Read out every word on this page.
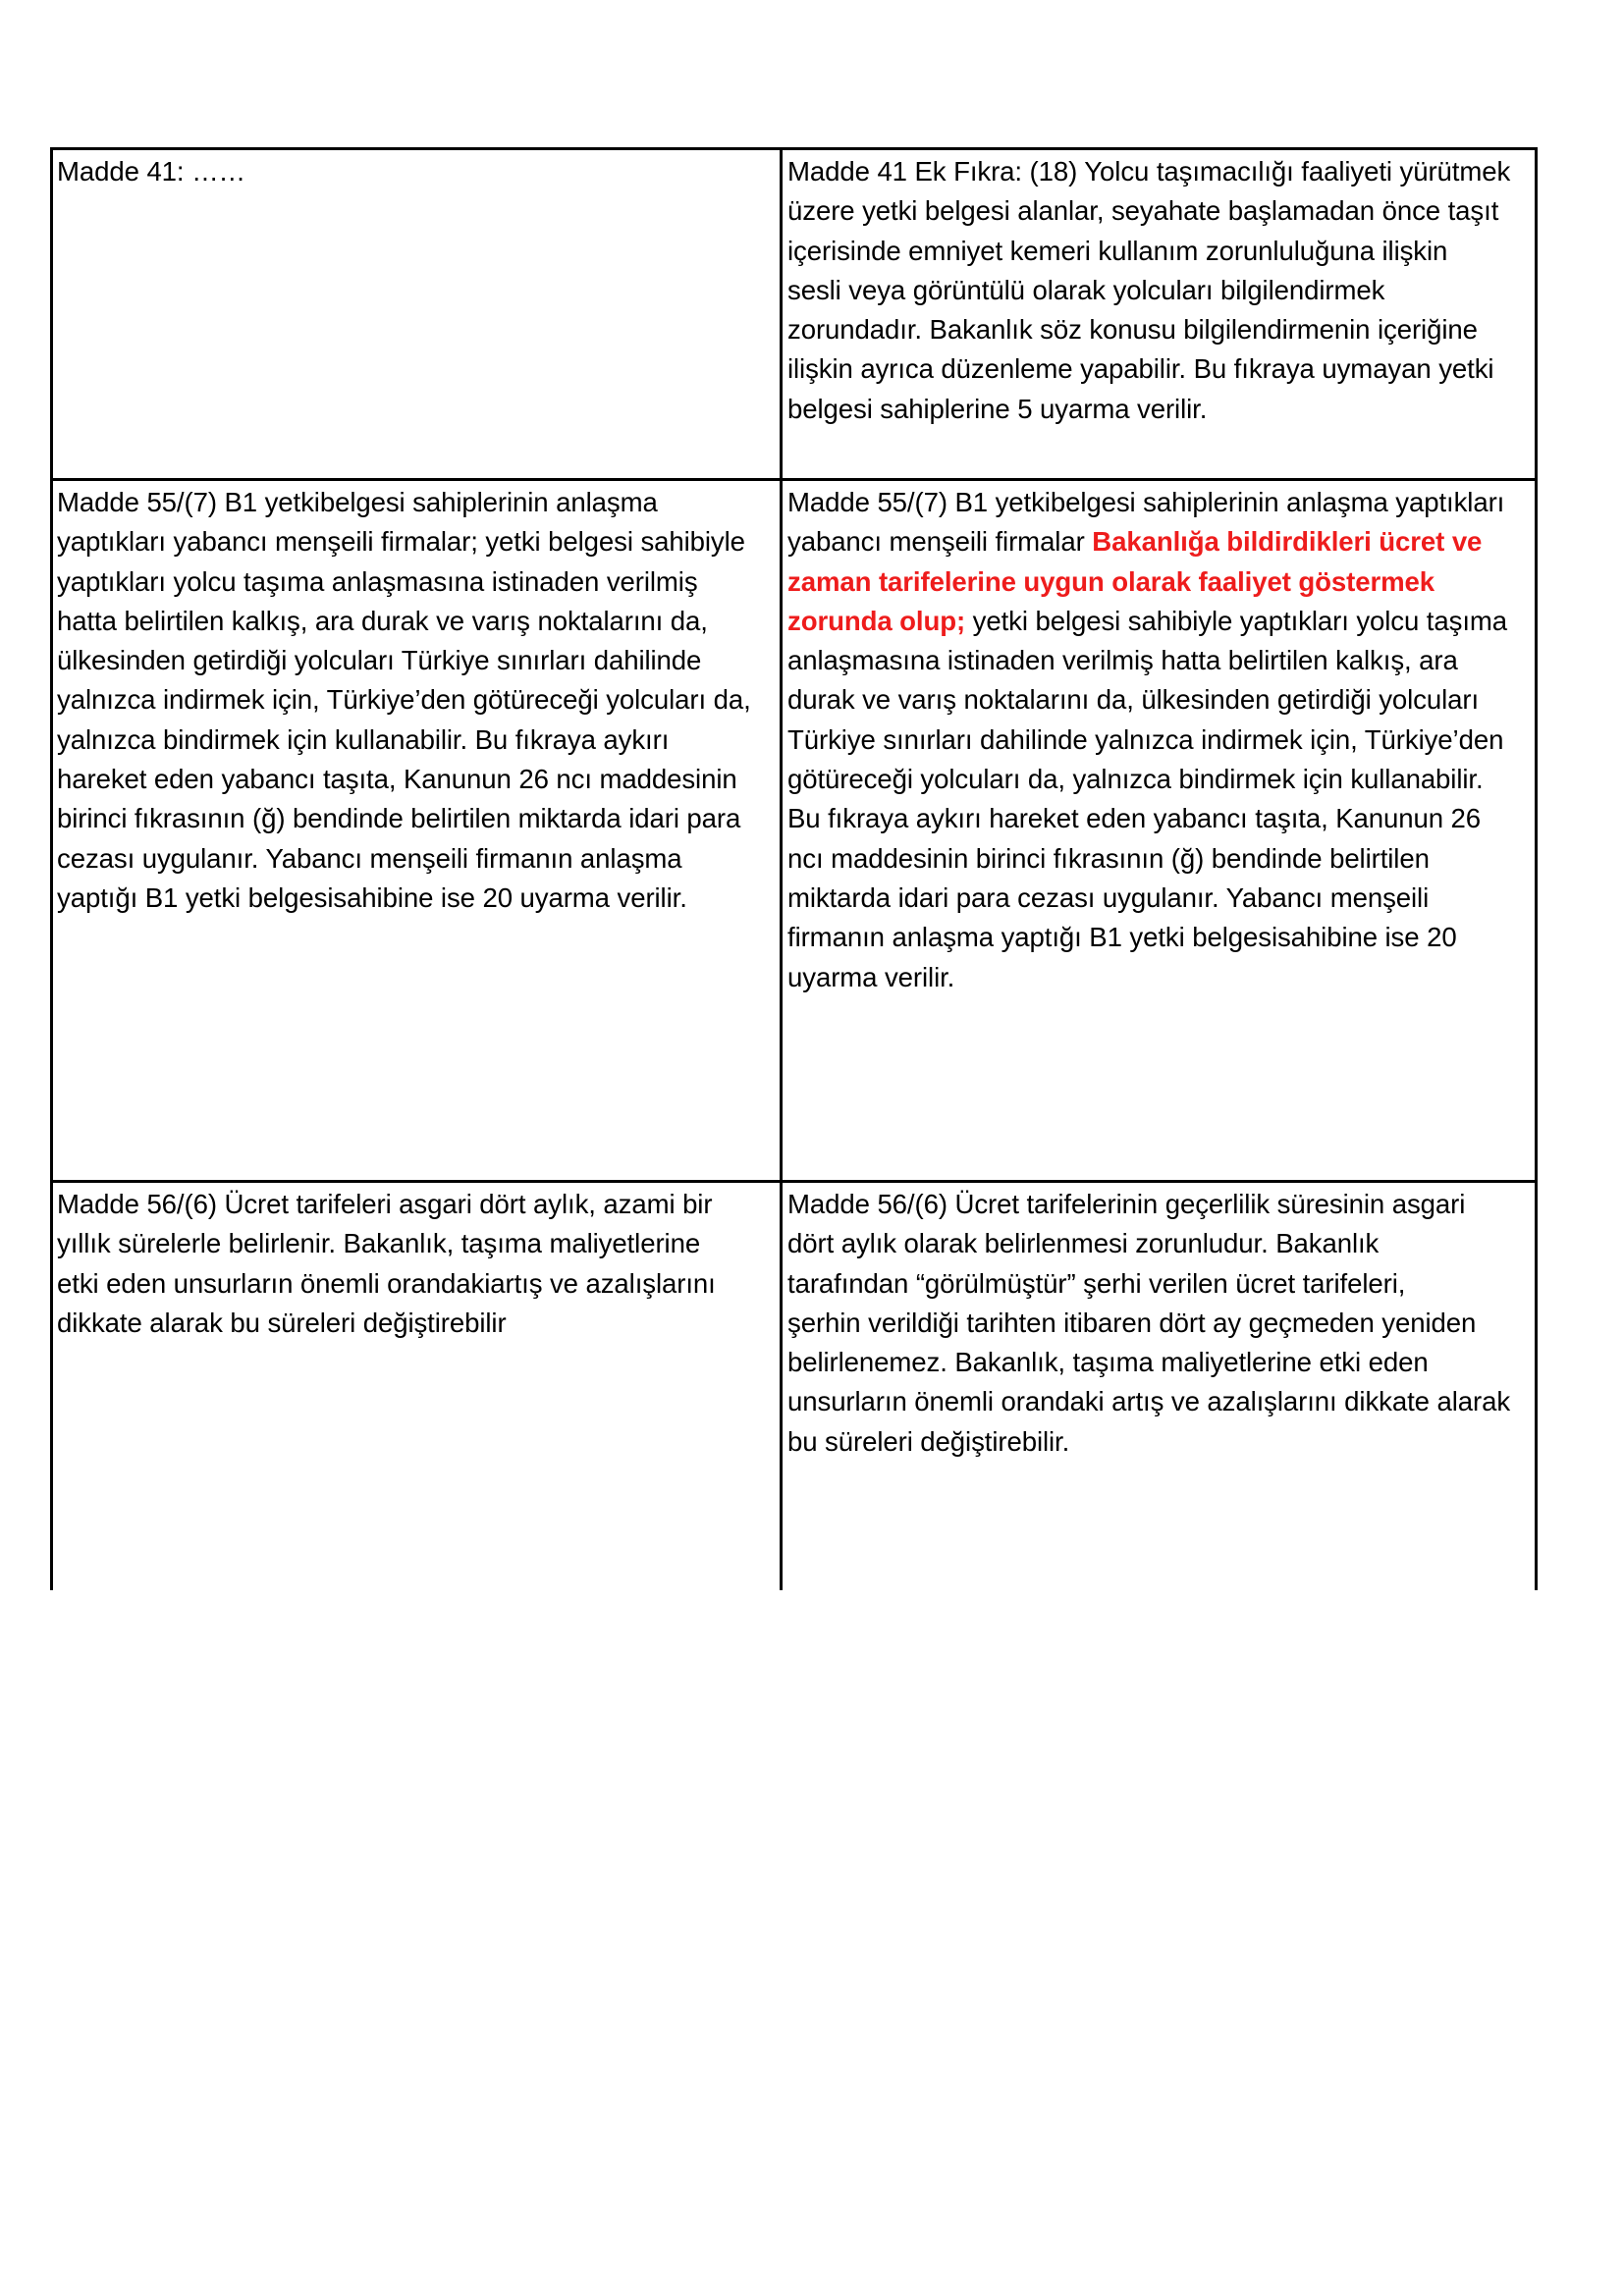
Madde 41: ……	Madde 41 Ek Fıkra: (18) Yolcu taşımacılığı faaliyeti yürütmek
üzere yetki belgesi alanlar, seyahate başlamadan önce taşıt
içerisinde emniyet kemeri kullanım zorunluluğuna ilişkin
sesli veya görüntülü olarak yolcuları bilgilendirmek
zorundadır. Bakanlık söz konusu bilgilendirmenin içeriğine
ilişkin ayrıca düzenleme yapabilir. Bu fıkraya uymayan yetki
belgesi sahiplerine 5 uyarma verilir.
Madde 55/(7) B1 yetkibelgesi sahiplerinin anlaşma
yaptıkları yabancı menşeili firmalar; yetki belgesi sahibiyle
yaptıkları yolcu taşıma anlaşmasına istinaden verilmiş
hatta belirtilen kalkış, ara durak ve varış noktalarını da,
ülkesinden getirdiği yolcuları Türkiye sınırları dahilinde
yalnızca indirmek için, Türkiye’den götüreceği yolcuları da,
yalnızca bindirmek için kullanabilir. Bu fıkraya aykırı
hareket eden yabancı taşıta, Kanunun 26 ncı maddesinin
birinci fıkrasının (ğ) bendinde belirtilen miktarda idari para
cezası uygulanır. Yabancı menşeili firmanın anlaşma
yaptığı B1 yetki belgesisahibine ise 20 uyarma verilir.
Madde 55/(7) B1 yetkibelgesi sahiplerinin anlaşma yaptıkları
yabancı menşeili firmalar Bakanlığa bildirdikleri ücret ve
zaman tarifelerine uygun olarak faaliyet göstermek
zorunda olup; yetki belgesi sahibiyle yaptıkları yolcu taşıma
anlaşmasına istinaden verilmiş hatta belirtilen kalkış, ara
durak ve varış noktalarını da, ülkesinden getirdiği yolcuları
Türkiye sınırları dahilinde yalnızca indirmek için, Türkiye’den
götüreceği yolcuları da, yalnızca bindirmek için kullanabilir.
Bu fıkraya aykırı hareket eden yabancı taşıta, Kanunun 26
ncı maddesinin birinci fıkrasının (ğ) bendinde belirtilen
miktarda idari para cezası uygulanır. Yabancı menşeili
firmanın anlaşma yaptığı B1 yetki belgesisahibine ise 20
uyarma verilir.
Madde 56/(6) Ücret tarifeleri asgari dört aylık, azami bir
yıllık sürelerle belirlenir. Bakanlık, taşıma maliyetlerine
etki eden unsurların önemli orandakiartış ve azalışlarını
dikkate alarak bu süreleri değiştirebilir
Madde 56/(6) Ücret tarifelerinin geçerlilik süresinin asgari
dört aylık olarak belirlenmesi zorunludur. Bakanlık
tarafından “görülmüştür” şerhi verilen ücret tarifeleri,
şerhin verildiği tarihten itibaren dört ay geçmeden yeniden
belirlenemez. Bakanlık, taşıma maliyetlerine etki eden
unsurların önemli orandaki artış ve azalışlarını dikkate alarak
bu süreleri değiştirebilir.
